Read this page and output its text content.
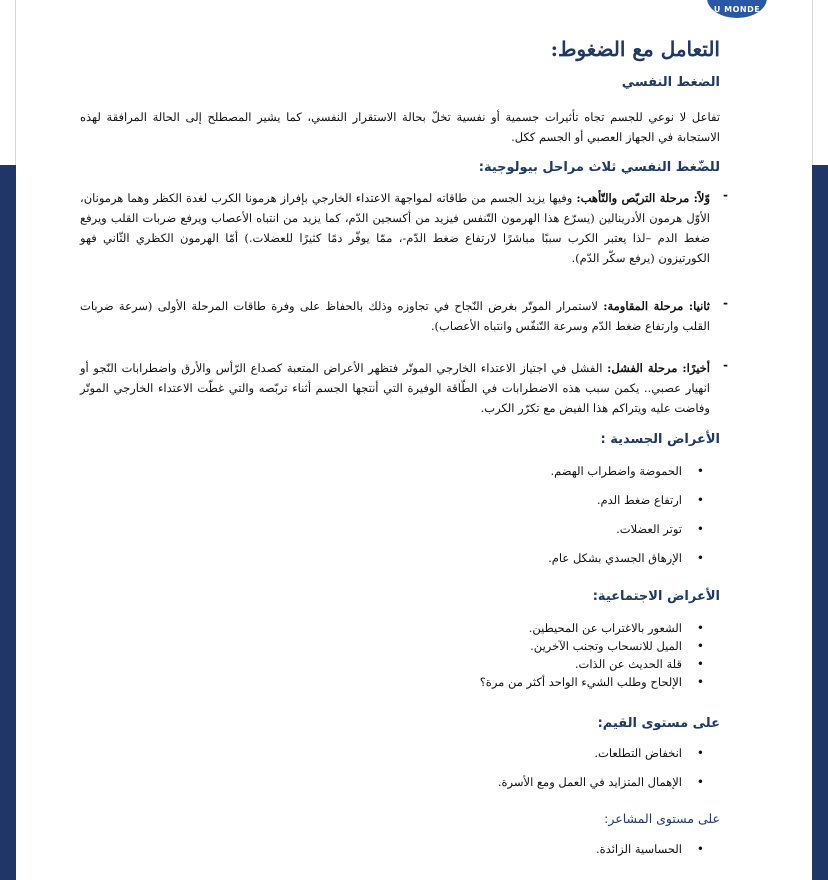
U MONDE
التعامل مع الضغوط:
الضغط النفسي
تفاعل لا نوعي للجسم تجاه تأثيرات جسمية أو نفسية تخلّ بحالة الاستقرار النفسي، كما يشير المصطلح إلى الحالة المرافقة لهذه الاستجابة في الجهاز العصبي أو الجسم ككل.
للضّغط النفسي ثلاث مراحل بيولوجية:
-
وّلاً: مرحلة التربّص والتّأهب: وفيها يزيد الجسم من طاقاته لمواجهة الاعتداء الخارجي بإفراز هرمونا الكرب لغدة الكظر وهما هرمونان، الأوّل هرمون الأدرينالين (يسرّع هذا الهرمون التّنفس فيزيد من أكسجين الدّم، كما يزيد من انتباه الأعصاب ويرفع ضربات القلب ويرفع ضغط الدم –لذا يعتبر الكرب سببًا مباشرًا لارتفاع ضغط الدّم-، ممّا يوفّر دمًا كثيرًا للعضلات.) أمّا الهرمون الكظري الثّاني فهو الكورتيزون (يرفع سكّر الدّم).
-
ثانيا: مرحلة المقاومة: لاستمرار الموتّر بغرض النّجاح في تجاوزه وذلك بالحفاظ على وفرة طاقات المرحلة الأولى (سرعة ضربات القلب وارتفاع ضغط الدّم وسرعة التّنفّس وانتباه الأعصاب).
-
أخيرًا: مرحلة الفشل: الفشل في اجتياز الاعتداء الخارجي الموتّر فتظهر الأعراض المتعبة كصداع الرّأس والأرق واضطرابات النّجو أو انهيار عصبي.. يكمن سبب هذه الاضطرابات في الطّاقة الوفيرة التي أنتجها الجسم أثناء تربّصه والتي غطّت الاعتداء الخارجي الموتّر وفاضت عليه ويتراكم هذا الفيض مع تكرّر الكرب.
الأعراض الجسدية :
• الحموضة واضطراب الهضم.
• ارتفاع ضغط الدم.
• توتر العضلات.
• الإرهاق الجسدي بشكل عام.
الأعراض الاجتماعية:
• الشعور بالاغتراب عن المحيطين.
• الميل للانسحاب وتجنب الآخرين.
• قلة الحديث عن الذات.
• الإلحاح وطلب الشيء الواحد أكثر من مرة؟
على مستوى القيم:
• انخفاض التطلعات.
• الإهمال المتزايد في العمل ومع الأسرة.
على مستوى المشاعر:
• الحساسية الزائدة.
